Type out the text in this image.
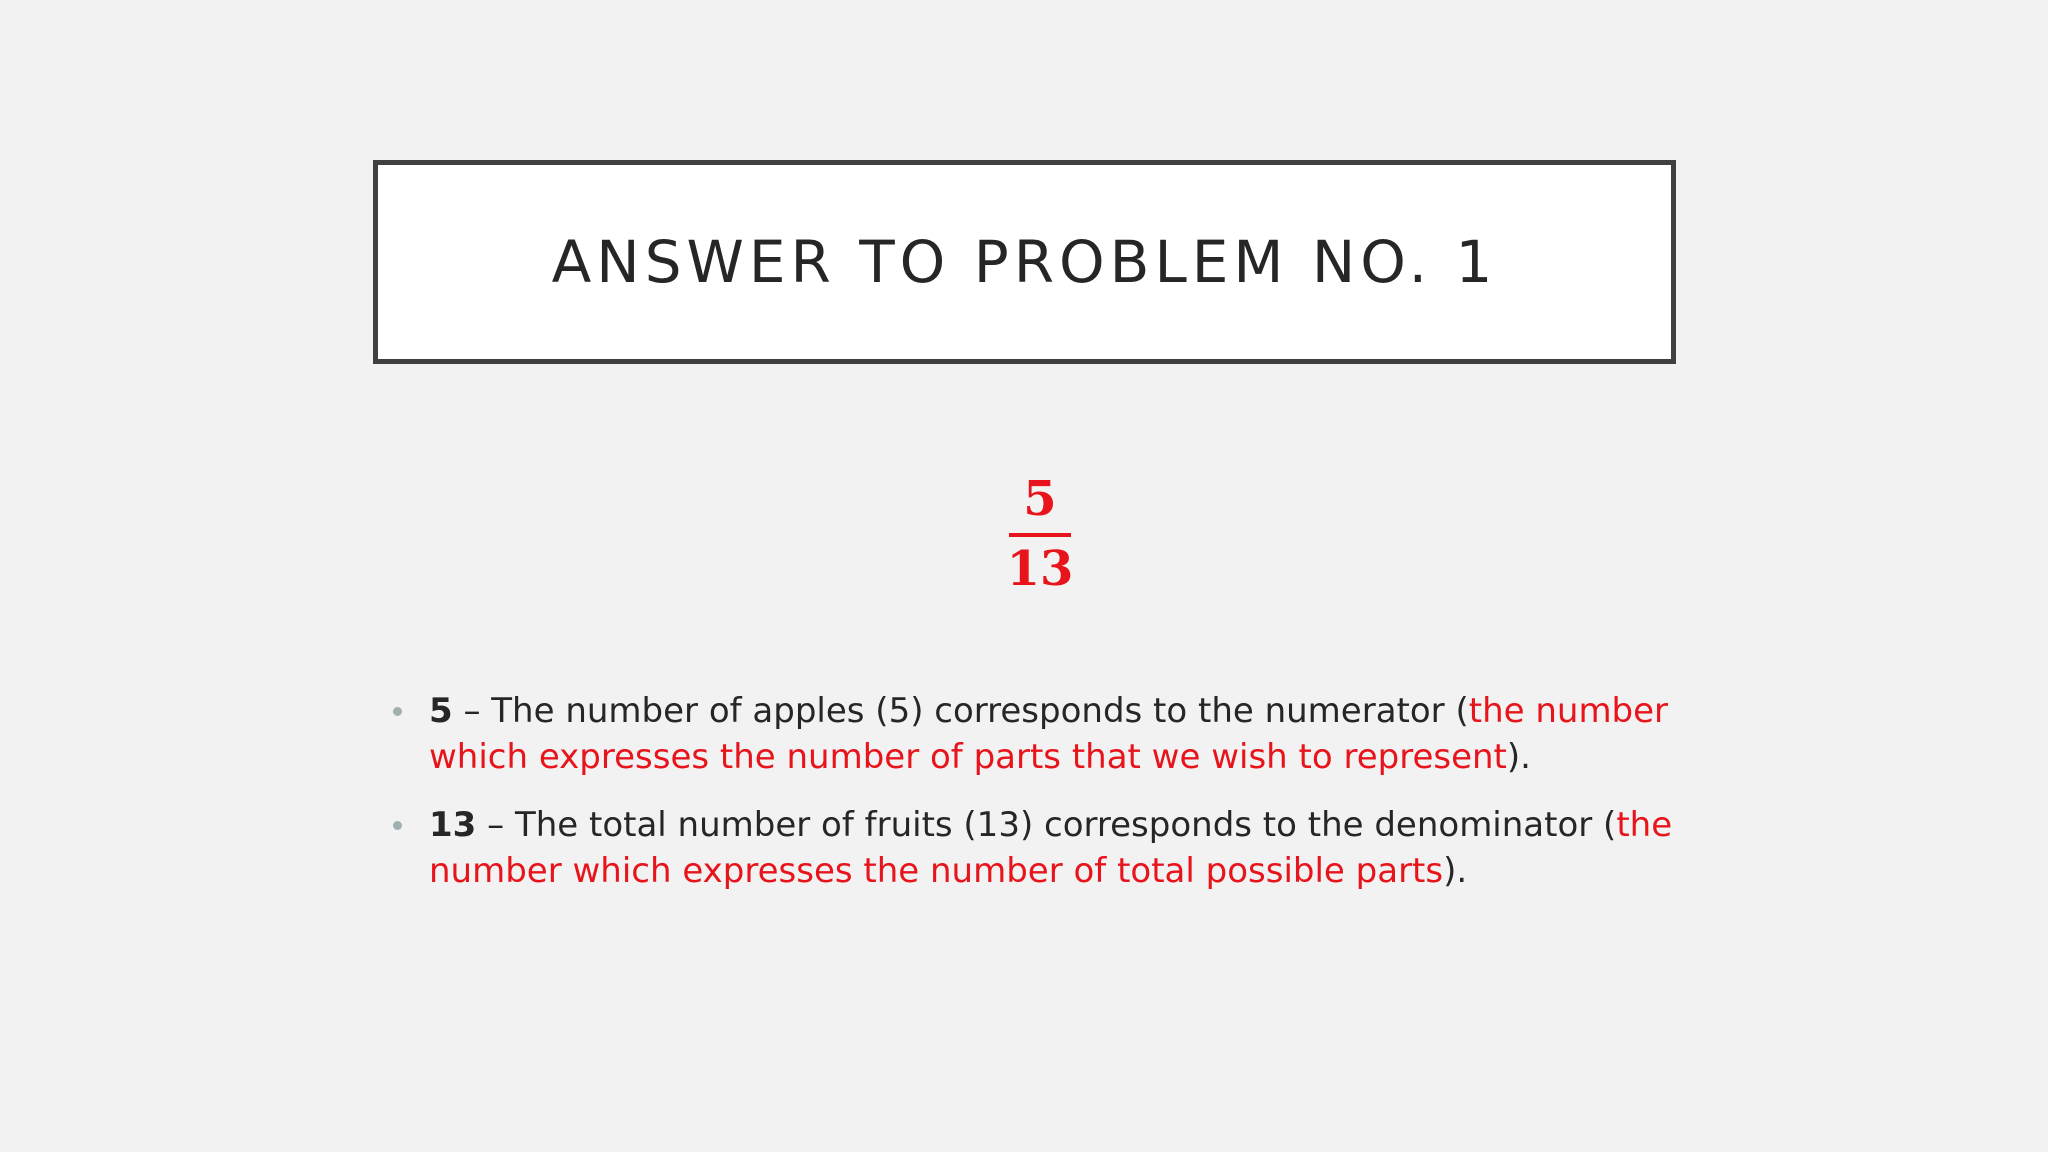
ANSWER TO PROBLEM NO. 1
5
13
5 – The number of apples (5) corresponds to the numerator (the number which expresses the number of parts that we wish to represent).
13 – The total number of fruits (13) corresponds to the denominator (the number which expresses the number of total possible parts).
